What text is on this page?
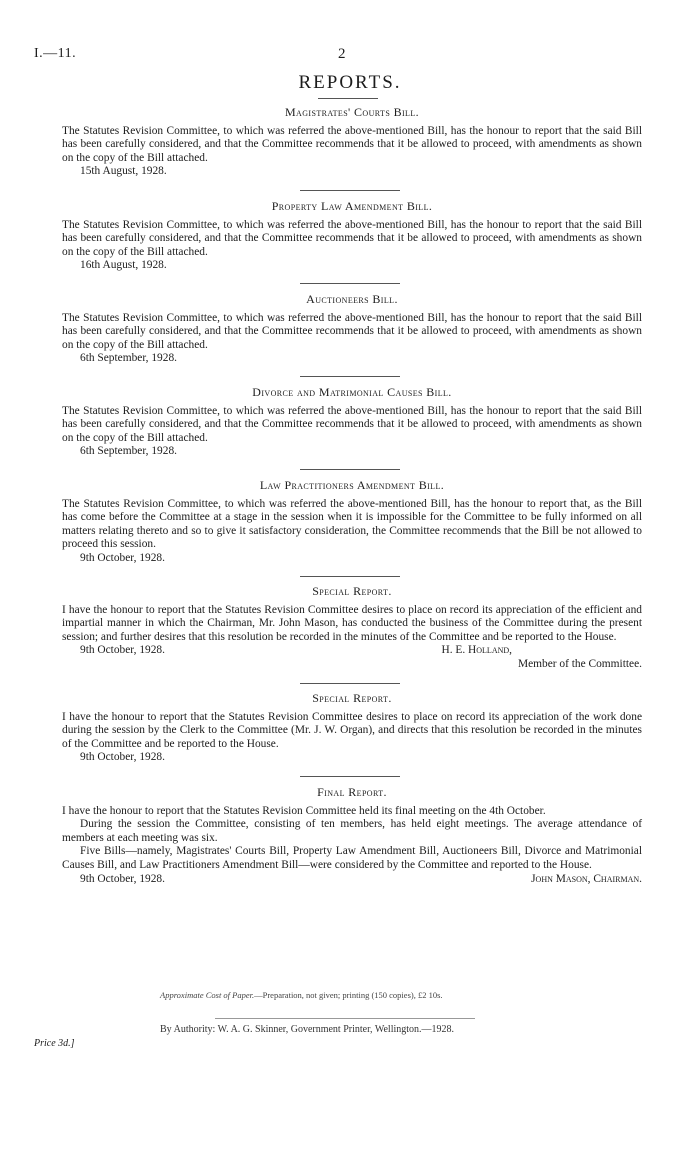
I.—11.	2
REPORTS.
Magistrates' Courts Bill.

The Statutes Revision Committee, to which was referred the above-mentioned Bill, has the honour to report that the said Bill has been carefully considered, and that the Committee recommends that it be allowed to proceed, with amendments as shown on the copy of the Bill attached.

15th August, 1928.
Property Law Amendment Bill.

The Statutes Revision Committee, to which was referred the above-mentioned Bill, has the honour to report that the said Bill has been carefully considered, and that the Committee recommends that it be allowed to proceed, with amendments as shown on the copy of the Bill attached.

16th August, 1928.
Auctioneers Bill.

The Statutes Revision Committee, to which was referred the above-mentioned Bill, has the honour to report that the said Bill has been carefully considered, and that the Committee recommends that it be allowed to proceed, with amendments as shown on the copy of the Bill attached.

6th September, 1928.
Divorce and Matrimonial Causes Bill.

The Statutes Revision Committee, to which was referred the above-mentioned Bill, has the honour to report that the said Bill has been carefully considered, and that the Committee recommends that it be allowed to proceed, with amendments as shown on the copy of the Bill attached.

6th September, 1928.
Law Practitioners Amendment Bill.

The Statutes Revision Committee, to which was referred the above-mentioned Bill, has the honour to report that, as the Bill has come before the Committee at a stage in the session when it is impossible for the Committee to be fully informed on all matters relating thereto and so to give it satisfactory consideration, the Committee recommends that the Bill be not allowed to proceed this session.

9th October, 1928.
Special Report.

I have the honour to report that the Statutes Revision Committee desires to place on record its appreciation of the efficient and impartial manner in which the Chairman, Mr. John Mason, has conducted the business of the Committee during the present session; and further desires that this resolution be recorded in the minutes of the Committee and be reported to the House.

9th October, 1928.	H. E. Holland,
Member of the Committee.
Special Report.

I have the honour to report that the Statutes Revision Committee desires to place on record its appreciation of the work done during the session by the Clerk to the Committee (Mr. J. W. Organ), and directs that this resolution be recorded in the minutes of the Committee and be reported to the House.

9th October, 1928.
Final Report.

I have the honour to report that the Statutes Revision Committee held its final meeting on the 4th October.

During the session the Committee, consisting of ten members, has held eight meetings. The average attendance of members at each meeting was six.

Five Bills—namely, Magistrates' Courts Bill, Property Law Amendment Bill, Auctioneers Bill, Divorce and Matrimonial Causes Bill, and Law Practitioners Amendment Bill—were considered by the Committee and reported to the House.

9th October, 1928.	John Mason, Chairman.
Approximate Cost of Paper.—Preparation, not given; printing (150 copies), £2 10s.
By Authority: W. A. G. Skinner, Government Printer, Wellington.—1928.
Price 3d.]
